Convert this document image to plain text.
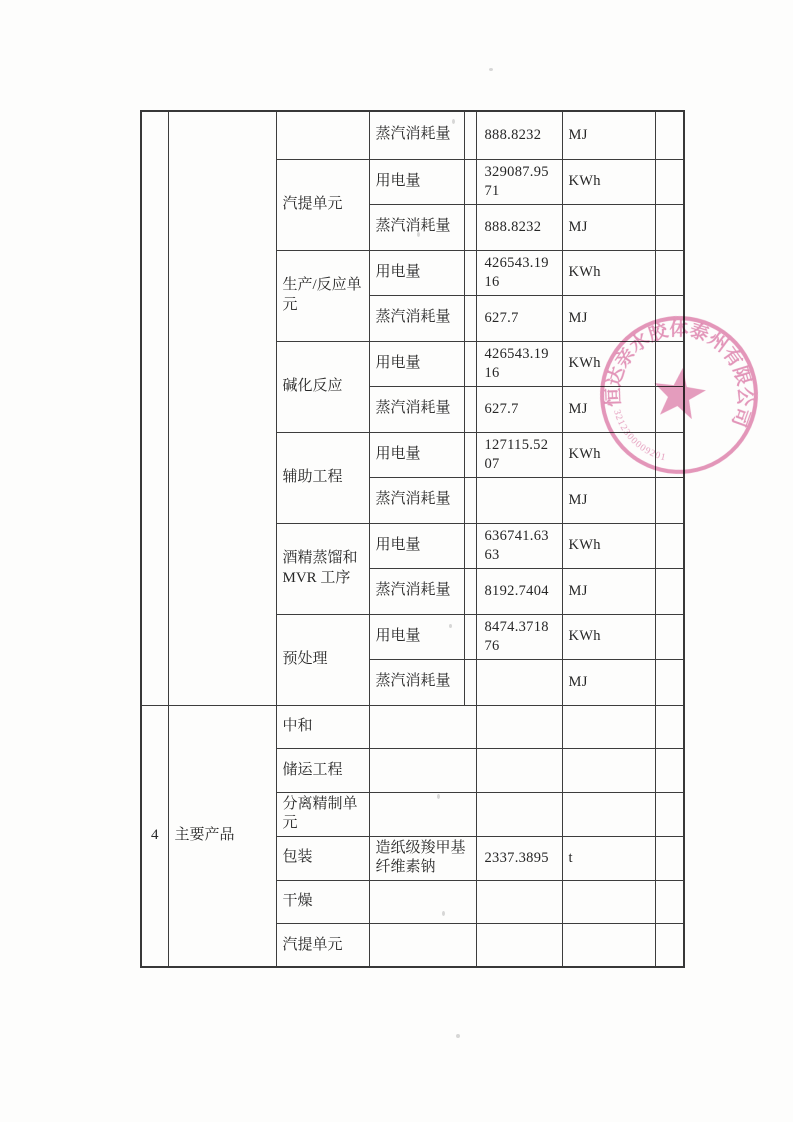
			蒸汽消耗量		888.8232	MJ	
		汽提单元	用电量		329087.9571	KWh	
			蒸汽消耗量		888.8232	MJ	
		生产/反应单元	用电量		426543.1916	KWh	
			蒸汽消耗量		627.7	MJ	
		碱化反应	用电量		426543.1916	KWh	
			蒸汽消耗量		627.7	MJ	
		辅助工程	用电量		127115.5207	KWh	
			蒸汽消耗量			MJ	
		酒精蒸馏和MVR 工序	用电量		636741.6363	KWh	
			蒸汽消耗量		8192.7404	MJ	
		预处理	用电量		8474.371876	KWh	
			蒸汽消耗量			MJ	
4	主要产品	中和					
		储运工程					
		分离精制单元					
		包装	造纸级羧甲基纤维素钠		2337.3895	t	
		干燥					
		汽提单元					
恒达亲水胶体泰州有限公司
3212300009201
